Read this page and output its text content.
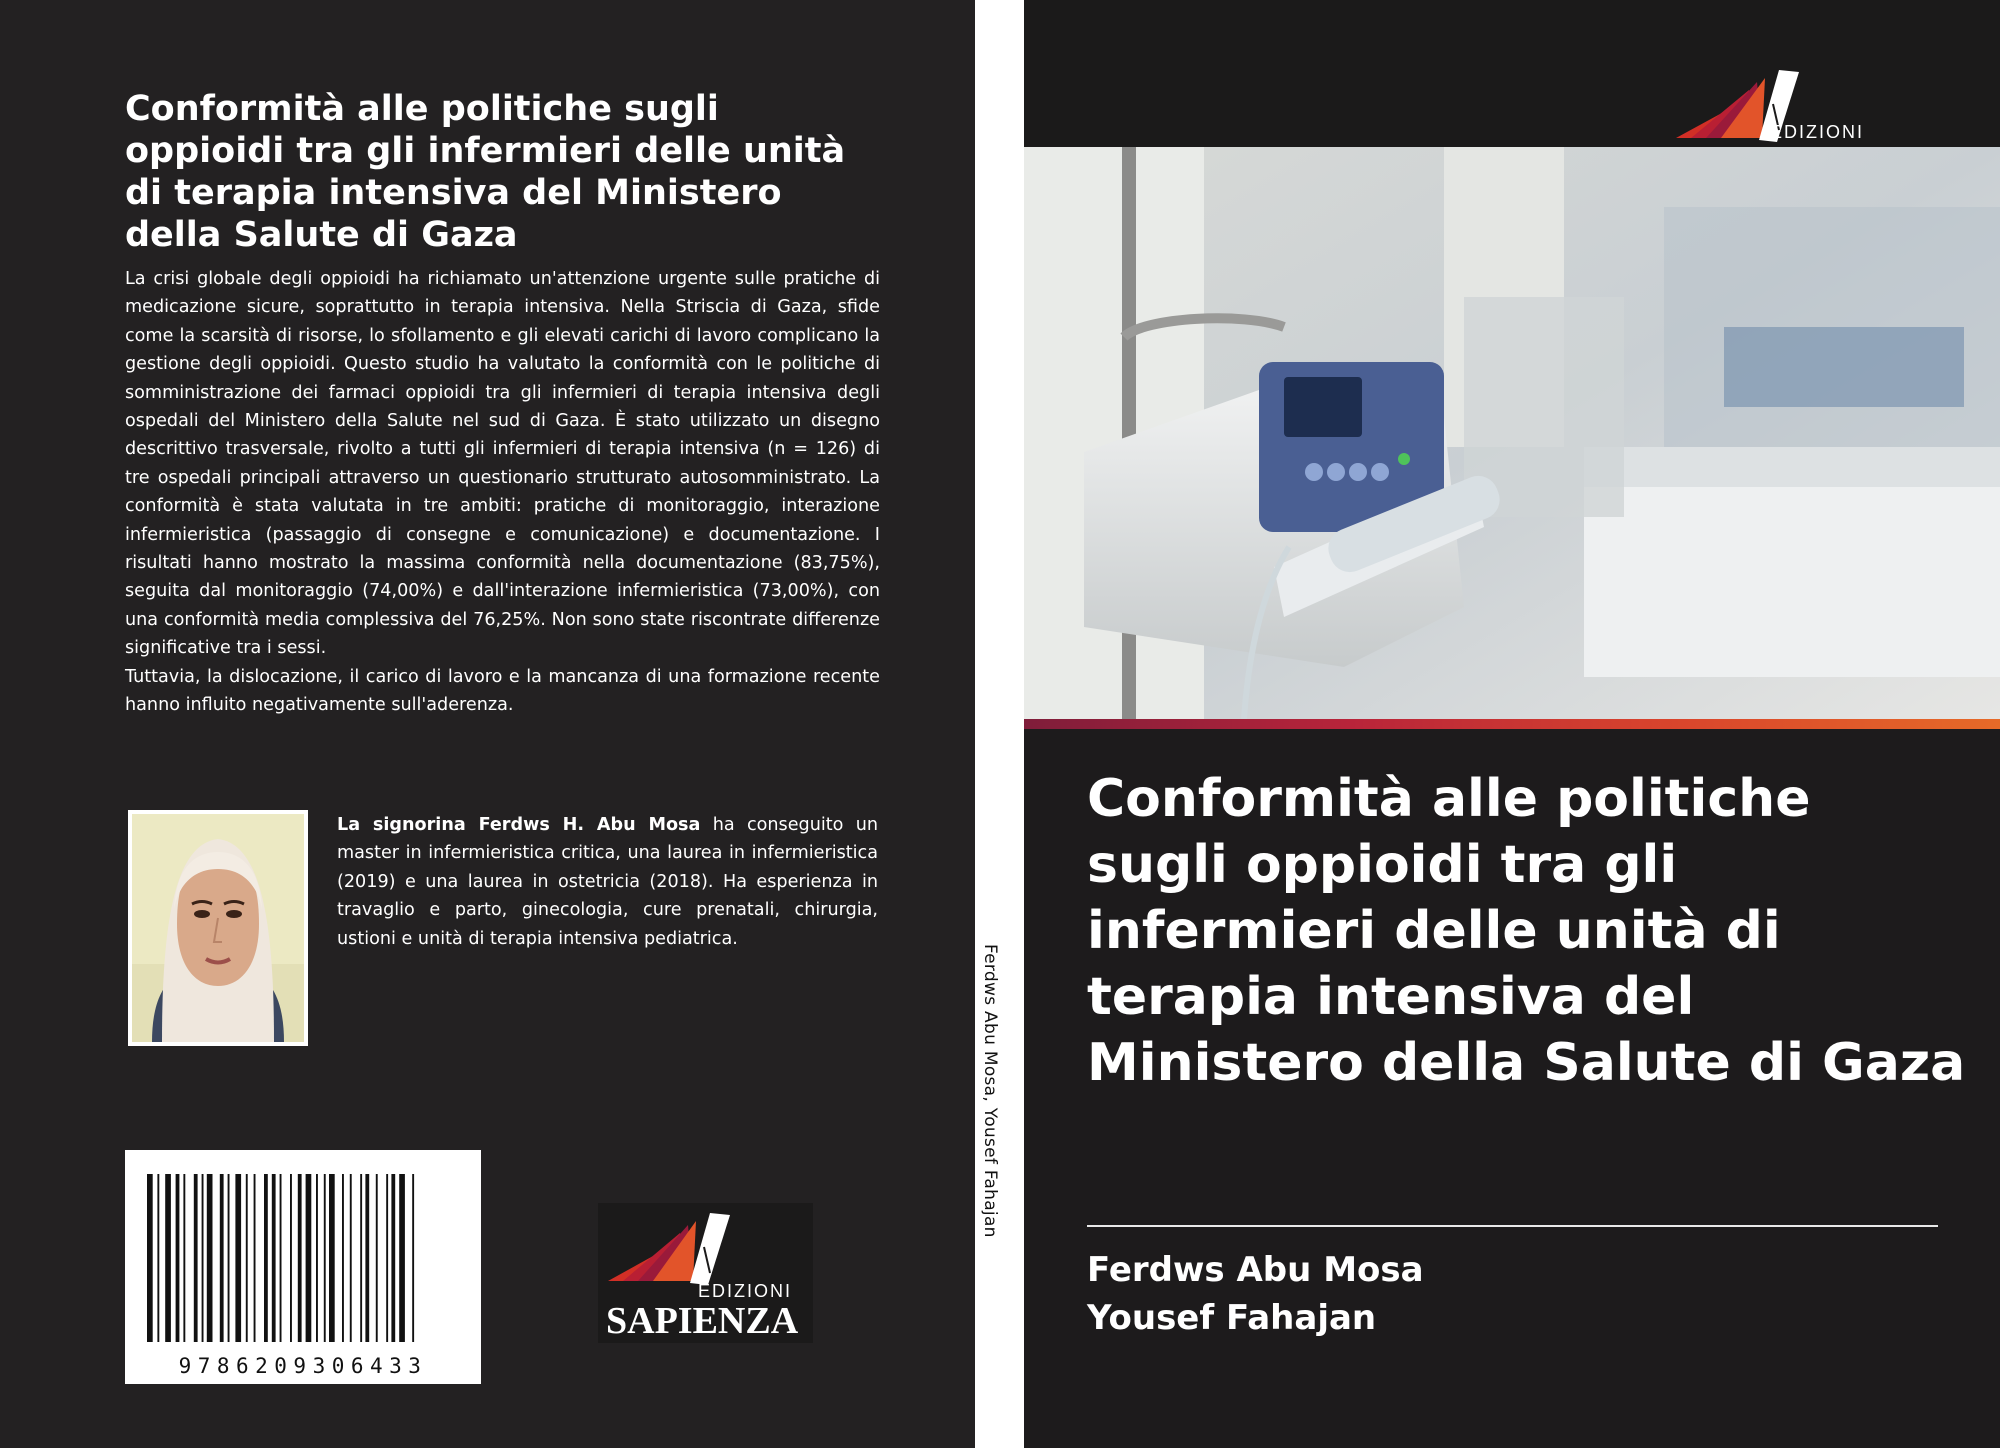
Conformità alle politiche sugli oppioidi tra gli infermieri delle unità di terapia intensiva del Ministero della Salute di Gaza

La crisi globale degli oppioidi ha richiamato un'attenzione urgente sulle pratiche di medicazione sicure, soprattutto in terapia intensiva. Nella Striscia di Gaza, sfide come la scarsità di risorse, lo sfollamento e gli elevati carichi di lavoro complicano la gestione degli oppioidi. Questo studio ha valutato la conformità con le politiche di somministrazione dei farmaci oppioidi tra gli infermieri di terapia intensiva degli ospedali del Ministero della Salute nel sud di Gaza. È stato utilizzato un disegno descrittivo trasversale, rivolto a tutti gli infermieri di terapia intensiva (n = 126) di tre ospedali principali attraverso un questionario strutturato autosomministrato. La conformità è stata valutata in tre ambiti: pratiche di monitoraggio, interazione infermieristica (passaggio di consegne e comunicazione) e documentazione. I risultati hanno mostrato la massima conformità nella documentazione (83,75%), seguita dal monitoraggio (74,00%) e dall'interazione infermieristica (73,00%), con una conformità media complessiva del 76,25%. Non sono state riscontrate differenze significative tra i sessi.

Tuttavia, la dislocazione, il carico di lavoro e la mancanza di una formazione recente hanno influito negativamente sull'aderenza.

La signorina Ferdws H. Abu Mosa ha conseguito un master in infermieristica critica, una laurea in infermieristica (2019) e una laurea in ostetricia (2018). Ha esperienza in travaglio e parto, ginecologia, cure prenatali, chirurgia, ustioni e unità di terapia intensiva pediatrica.
9786209306433
EDIZIONI
SAPIENZA
Ferdws Abu Mosa, Yousef Fahajan
EDIZIONI
Conformità alle politiche sugli oppioidi tra gli infermieri delle unità di terapia intensiva del Ministero della Salute di Gaza
Ferdws Abu Mosa
Yousef Fahajan
